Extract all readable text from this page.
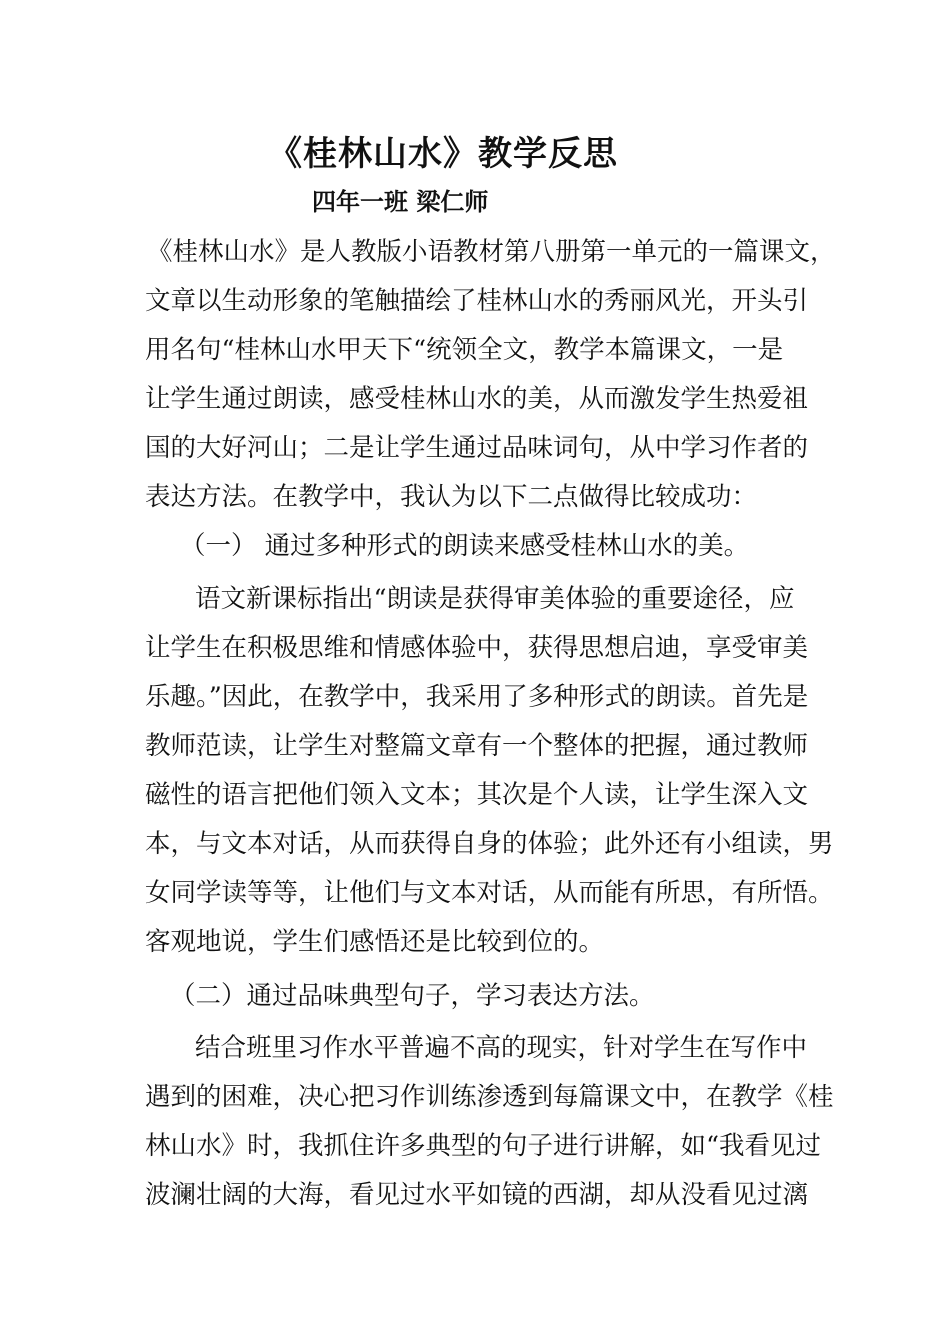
《桂林山水》教学反思
四年一班 梁仁师
《桂林山水》是人教版小语教材第八册第一单元的一篇课文，
文章以生动形象的笔触描绘了桂林山水的秀丽风光，开头引
用名句“桂林山水甲天下“统领全文，教学本篇课文，一是
让学生通过朗读，感受桂林山水的美，从而激发学生热爱祖
国的大好河山；二是让学生通过品味词句，从中学习作者的
表达方法。在教学中，我认为以下二点做得比较成功：
（一） 通过多种形式的朗读来感受桂林山水的美。
语文新课标指出“朗读是获得审美体验的重要途径，应
让学生在积极思维和情感体验中，获得思想启迪，享受审美
乐趣。”因此，在教学中，我采用了多种形式的朗读。首先是
教师范读，让学生对整篇文章有一个整体的把握，通过教师
磁性的语言把他们领入文本；其次是个人读，让学生深入文
本，与文本对话，从而获得自身的体验；此外还有小组读，男
女同学读等等，让他们与文本对话，从而能有所思，有所悟。
客观地说，学生们感悟还是比较到位的。
（二）通过品味典型句子，学习表达方法。
结合班里习作水平普遍不高的现实，针对学生在写作中
遇到的困难，决心把习作训练渗透到每篇课文中，在教学《桂
林山水》时，我抓住许多典型的句子进行讲解，如“我看见过
波澜壮阔的大海，看见过水平如镜的西湖，却从没看见过漓
